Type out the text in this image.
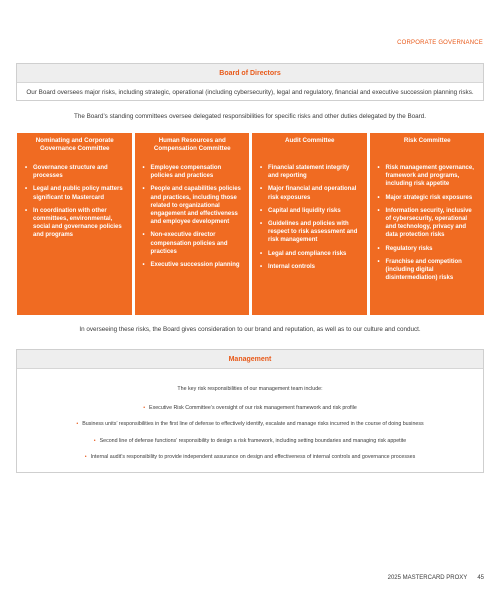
CORPORATE GOVERNANCE
Board of Directors
Our Board oversees major risks, including strategic, operational (including cybersecurity), legal and regulatory, financial and executive succession planning risks.
The Board’s standing committees oversee delegated responsibilities for specific risks and other duties delegated by the Board.
Nominating and Corporate Governance Committee
• Governance structure and processes
• Legal and public policy matters significant to Mastercard
• In coordination with other committees, environmental, social and governance policies and programs
Human Resources and Compensation Committee
• Employee compensation policies and practices
• People and capabilities policies and practices, including those related to organizational engagement and effectiveness and employee development
• Non-executive director compensation policies and practices
• Executive succession planning
Audit Committee
• Financial statement integrity and reporting
• Major financial and operational risk exposures
• Capital and liquidity risks
• Guidelines and policies with respect to risk assessment and risk management
• Legal and compliance risks
• Internal controls
Risk Committee
• Risk management governance, framework and programs, including risk appetite
• Major strategic risk exposures
• Information security, inclusive of cybersecurity, operational and technology, privacy and data protection risks
• Regulatory risks
• Franchise and competition (including digital disintermediation) risks
In overseeing these risks, the Board gives consideration to our brand and reputation, as well as to our culture and conduct.
Management
The key risk responsibilities of our management team include:
• Executive Risk Committee’s oversight of our risk management framework and risk profile
• Business units’ responsibilities in the first line of defense to effectively identify, escalate and manage risks incurred in the course of doing business
• Second line of defense functions’ responsibility to design a risk framework, including setting boundaries and managing risk appetite
• Internal audit’s responsibility to provide independent assurance on design and effectiveness of internal controls and governance processes
2025 MASTERCARD PROXY 45
